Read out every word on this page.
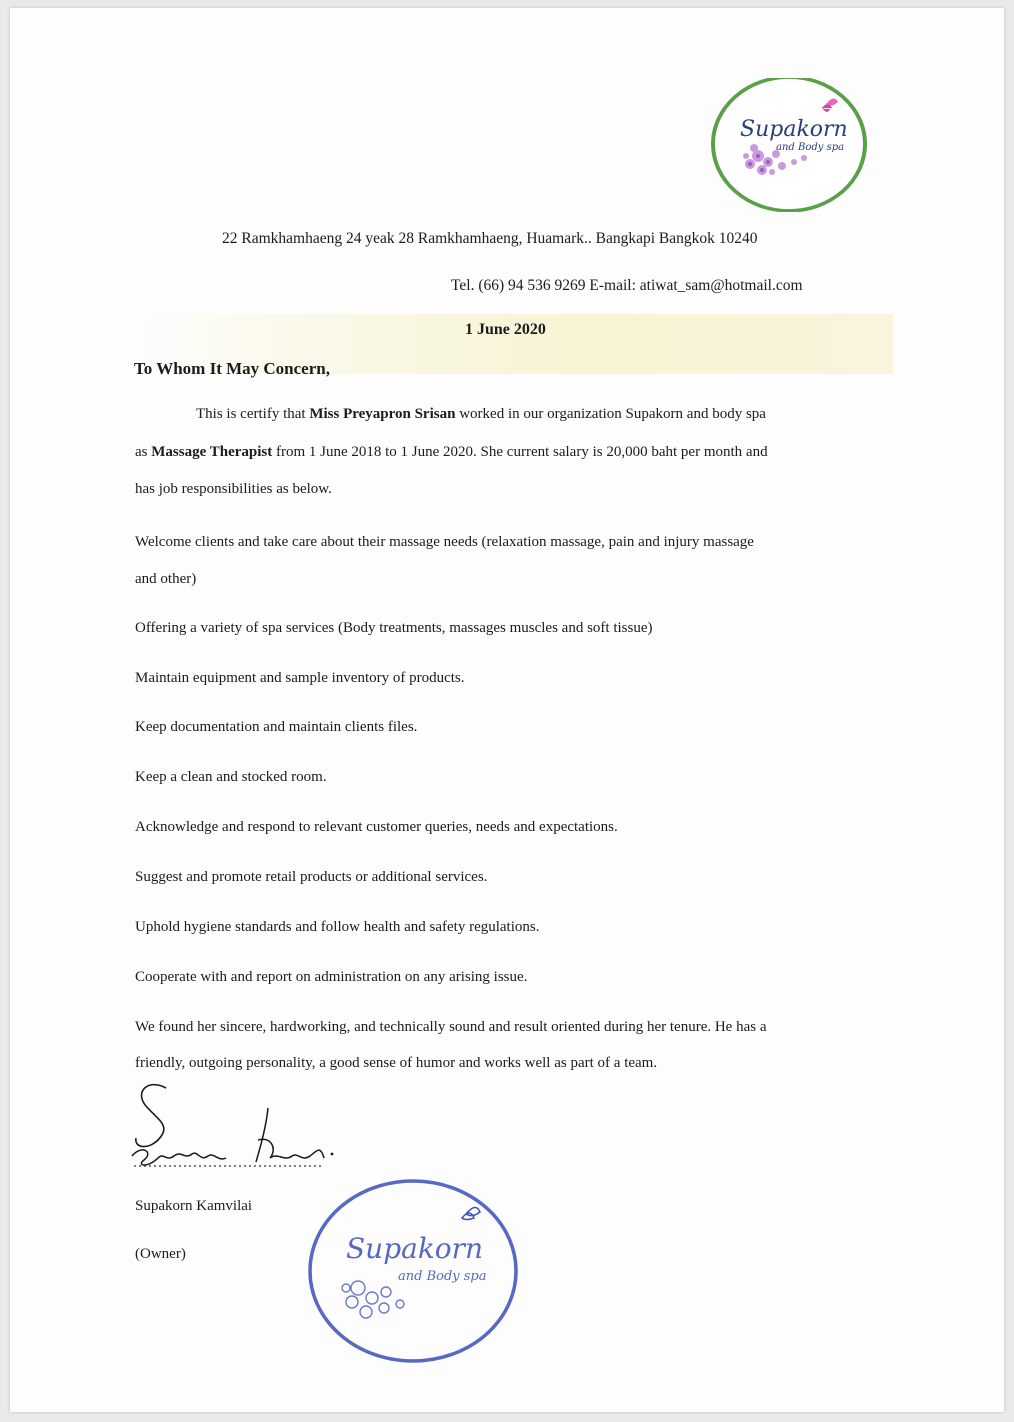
Supakorn
and Body spa
22 Ramkhamhaeng 24 yeak 28 Ramkhamhaeng, Huamark.. Bangkapi Bangkok 10240
Tel. (66) 94 536 9269 E-mail: atiwat_sam@hotmail.com
1 June 2020
To Whom It May Concern,
This is certify that Miss Preyapron Srisan worked in our organization Supakorn and body spa
as Massage Therapist from 1 June 2018 to 1 June 2020. She current salary is 20,000 baht per month and
has job responsibilities as below.
Welcome clients and take care about their massage needs (relaxation massage, pain and injury massage
and other)
Offering a variety of spa services (Body treatments, massages muscles and soft tissue)
Maintain equipment and sample inventory of products.
Keep documentation and maintain clients files.
Keep a clean and stocked room.
Acknowledge and respond to relevant customer queries, needs and expectations.
Suggest and promote retail products or additional services.
Uphold hygiene standards and follow health and safety regulations.
Cooperate with and report on administration on any arising issue.
We found her sincere, hardworking, and technically sound and result oriented during her tenure. He has a
friendly, outgoing personality, a good sense of humor and works well as part of a team.
Supakorn Kamvilai
(Owner)	Supakorn
and Body spa
